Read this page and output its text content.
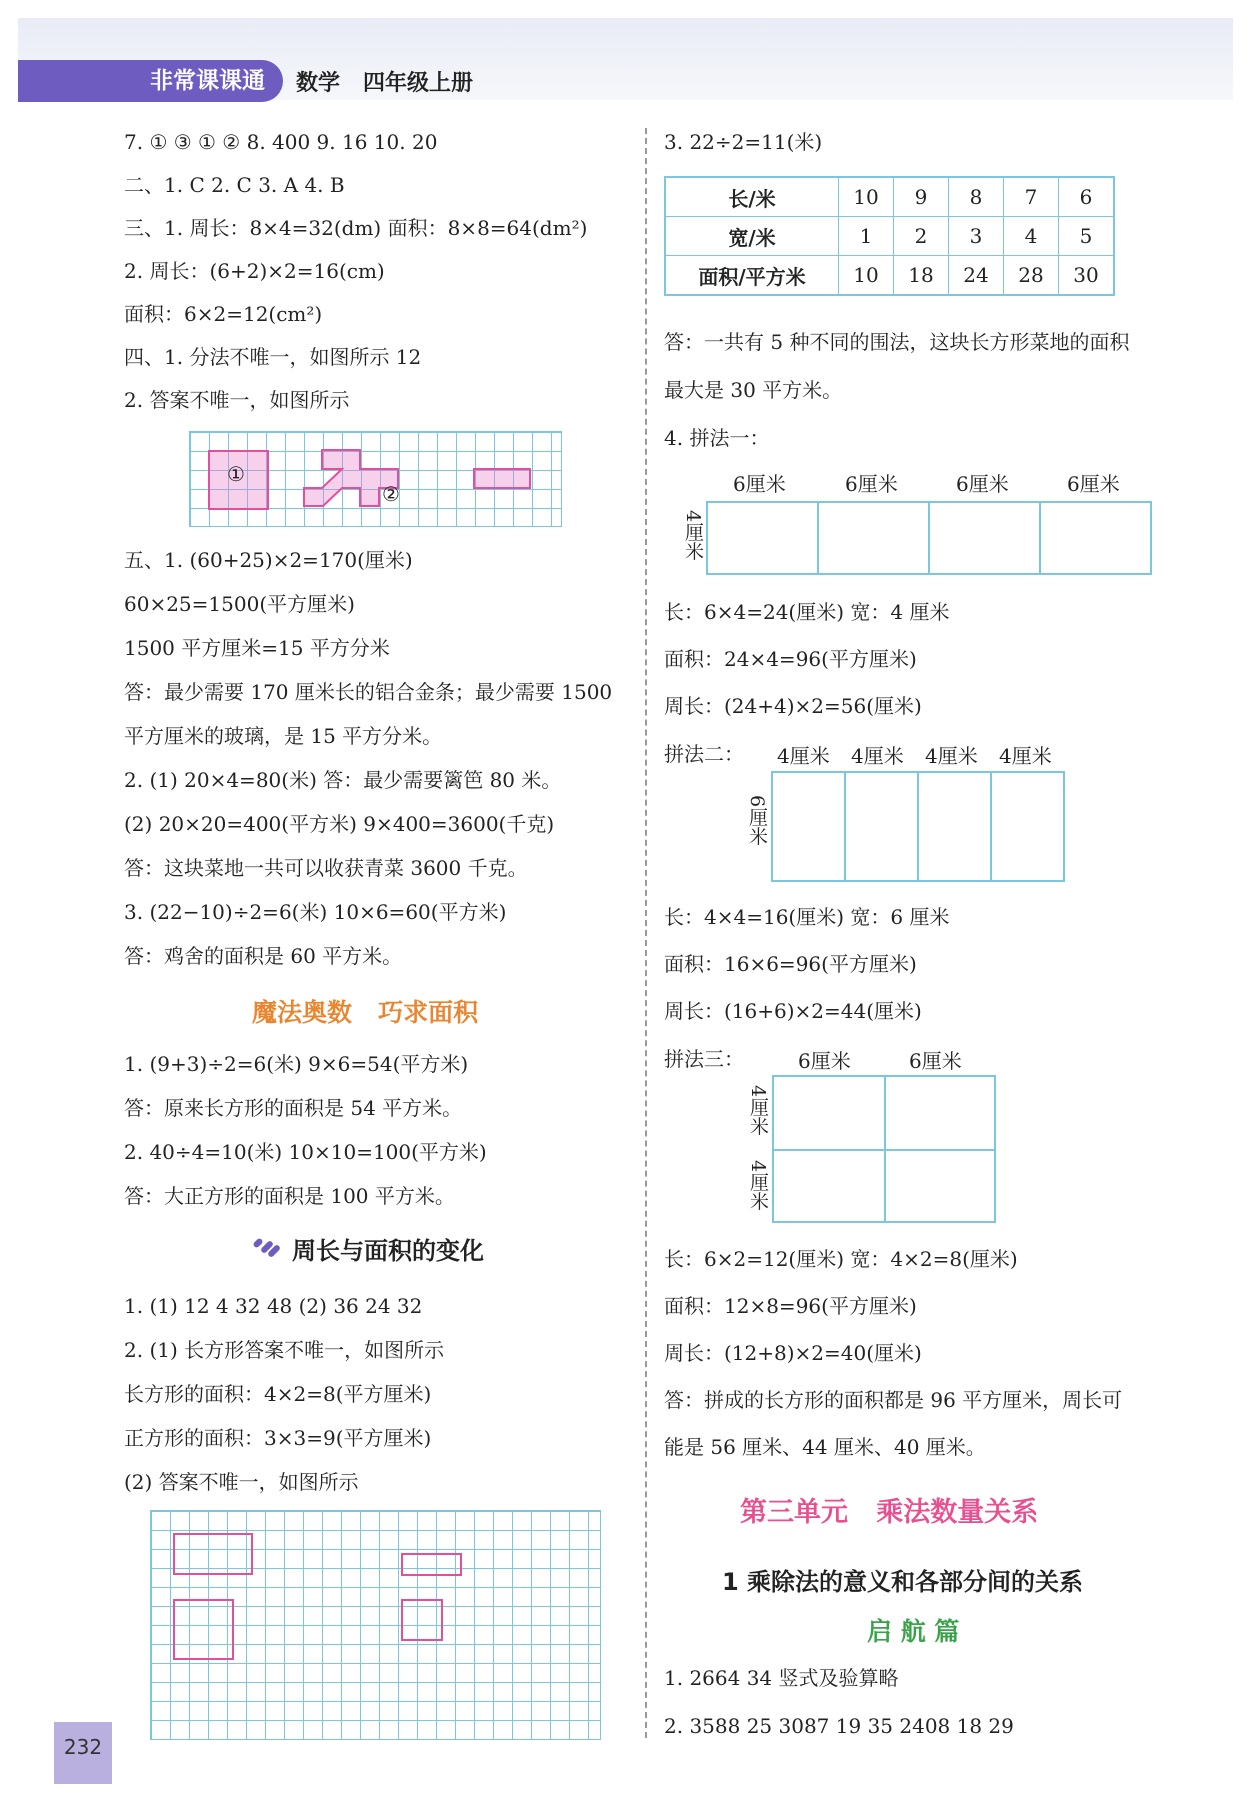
非常课课通	数学   四年级上册
7. ① ③ ① ② 8. 400 9. 16 10. 20
二、1. C 2. C 3. A 4. B
三、1. 周长：8×4=32(dm) 面积：8×8=64(dm²)
2. 周长：(6+2)×2=16(cm)
面积：6×2=12(cm²)
四、1. 分法不唯一，如图所示 12
2. 答案不唯一，如图所示
①
②
五、1. (60+25)×2=170(厘米)
60×25=1500(平方厘米)
1500 平方厘米=15 平方分米
答：最少需要 170 厘米长的铝合金条；最少需要 1500
平方厘米的玻璃，是 15 平方分米。
2. (1) 20×4=80(米) 答：最少需要篱笆 80 米。
(2) 20×20=400(平方米) 9×400=3600(千克)
答：这块菜地一共可以收获青菜 3600 千克。
3. (22−10)÷2=6(米) 10×6=60(平方米)
答：鸡舍的面积是 60 平方米。
魔法奥数   巧求面积
1. (9+3)÷2=6(米) 9×6=54(平方米)
答：原来长方形的面积是 54 平方米。
2. 40÷4=10(米) 10×10=100(平方米)
答：大正方形的面积是 100 平方米。
周长与面积的变化
1. (1) 12 4 32 48 (2) 36 24 32
2. (1) 长方形答案不唯一，如图所示
长方形的面积：4×2=8(平方厘米)
正方形的面积：3×3=9(平方厘米)
(2) 答案不唯一，如图所示
232
3. 22÷2=11(米)
长/米	10	9	8	7	6
宽/米	1	2	3	4	5
面积/平方米	10	18	24	28	30
答：一共有 5 种不同的围法，这块长方形菜地的面积
最大是 30 平方米。
4. 拼法一：
6厘米	6厘米	6厘米	6厘米
4厘米
长：6×4=24(厘米) 宽：4 厘米
面积：24×4=96(平方厘米)
周长：(24+4)×2=56(厘米)
拼法二： 4厘米 4厘米 4厘米 4厘米
6厘米
长：4×4=16(厘米) 宽：6 厘米
面积：16×6=96(平方厘米)
周长：(16+6)×2=44(厘米)
拼法三：	6厘米	6厘米
4厘米
4厘米
长：6×2=12(厘米) 宽：4×2=8(厘米)
面积：12×8=96(平方厘米)
周长：(12+8)×2=40(厘米)
答：拼成的长方形的面积都是 96 平方厘米，周长可
能是 56 厘米、44 厘米、40 厘米。
第三单元   乘法数量关系
1 乘除法的意义和各部分间的关系
启 航 篇
1. 2664 34 竖式及验算略
2. 3588 25 3087 19 35 2408 18 29
